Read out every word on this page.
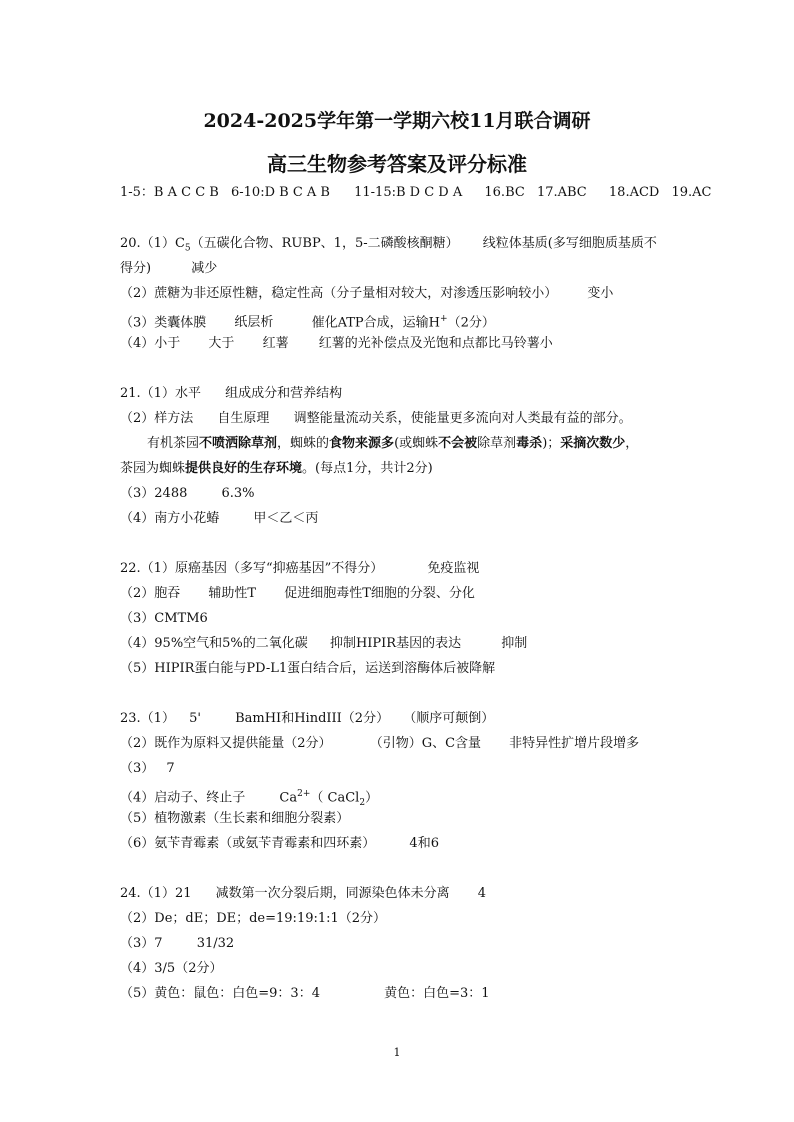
2024-2025学年第一学期六校11月联合调研
高三生物参考答案及评分标准
1-5：B A C C B 6-10:D B C A B 11-15:B D C D A 16.BC 17.ABC 18.ACD 19.AC
$20.(1)C_5$（五碳化合物、RUBP、1，5-二磷酸核酮糖） 线粒体基质(多写细胞质基质不
得分)	减少
（2）蔗糖为非还原性糖，稳定性高（分子量相对较大，对渗透压影响较小） 变小
（3）类囊体膜 纸层析	催化ATP合成，运输H+（2分）
（4）小于 大于 红薯 红薯的光补偿点及光饱和点都比马铃薯小
21.（1）水平 组成成分和营养结构
（2）样方法 自生原理 调整能量流动关系，使能量更多流向对人类最有益的部分。
有机茶园不喷洒除草剂，蜘蛛的食物来源多(或蜘蛛不会被除草剂毒杀)；采摘次数少，
茶园为蜘蛛提供良好的生存环境。(每点1分，共计2分)
（3）2488	6.3%
（4）南方小花蝽	甲＜乙＜丙
22.（1）原癌基因（多写“抑癌基因”不得分）	免疫监视
（2）胞吞 辅助性T 促进细胞毒性T细胞的分裂、分化
（3）CMTM6
（4）95%空气和5%的二氧化碳 抑制HIPIR基因的表达	抑制
（5）HIPIR蛋白能与PD-L1蛋白结合后，运送到溶酶体后被降解
23.（1） 5'	BamHI和HindIII（2分） （顺序可颠倒）
（2）既作为原料又提供能量（2分）	（引物）G、C含量 非特异性扩增片段增多
（3） 7
（4）启动子、终止子	$Ca^{2+}$（ CaCl$_2$）
（5）植物激素（生长素和细胞分裂素）
（6）氨苄青霉素（或氨苄青霉素和四环素）	4和6
24.（1）21 减数第一次分裂后期，同源染色体未分离 4
（2）De；dE；DE；de=19:19:1:1（2分）
（3）7	31/32
（4）3/5（2分）
（5）黄色：鼠色：白色=9：3：4	黄色：白色=3：1
1
